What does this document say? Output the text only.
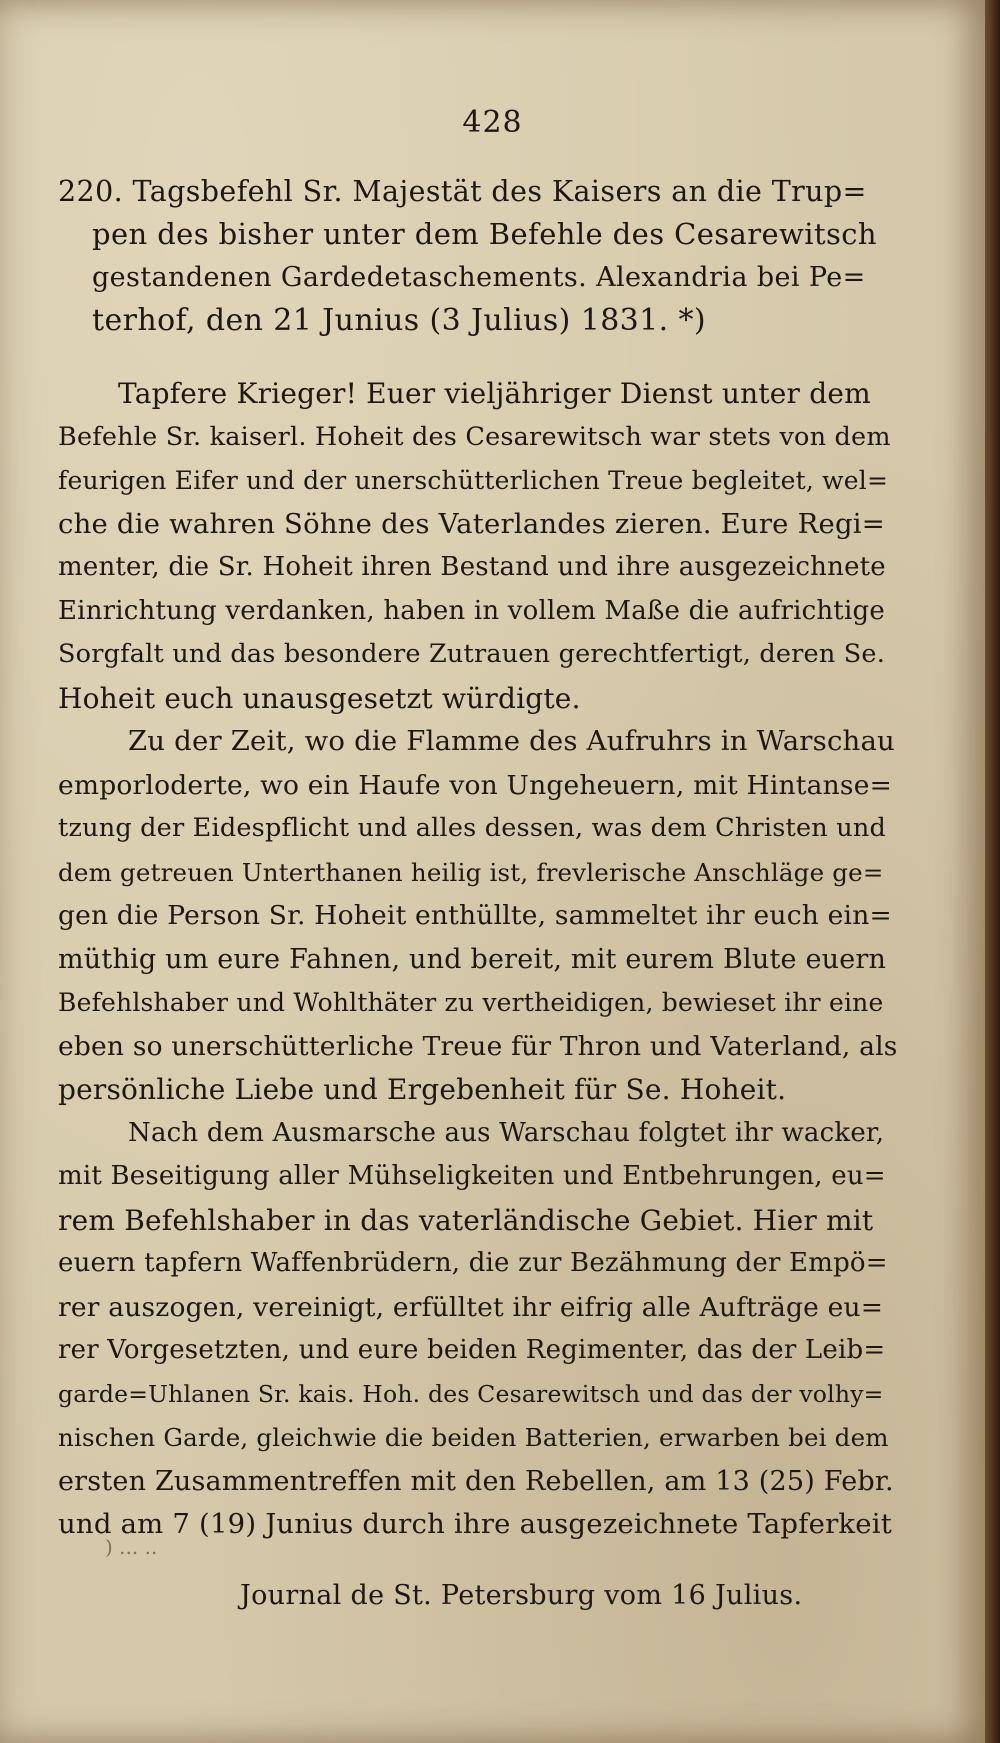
428
220. Tagsbefehl Sr. Majestät des Kaisers an die Trup=
pen des bisher unter dem Befehle des Cesarewitsch
gestandenen Gardedetaschements. Alexandria bei Pe=
terhof, den 21 Junius (3 Julius) 1831. *)
Tapfere Krieger! Euer vieljähriger Dienst unter dem
Befehle Sr. kaiserl. Hoheit des Cesarewitsch war stets von dem
feurigen Eifer und der unerschütterlichen Treue begleitet, wel=
che die wahren Söhne des Vaterlandes zieren. Eure Regi=
menter, die Sr. Hoheit ihren Bestand und ihre ausgezeichnete
Einrichtung verdanken, haben in vollem Maße die aufrichtige
Sorgfalt und das besondere Zutrauen gerechtfertigt, deren Se.
Hoheit euch unausgesetzt würdigte.
Zu der Zeit, wo die Flamme des Aufruhrs in Warschau
emporloderte, wo ein Haufe von Ungeheuern, mit Hintanse=
tzung der Eidespflicht und alles dessen, was dem Christen und
dem getreuen Unterthanen heilig ist, frevlerische Anschläge ge=
gen die Person Sr. Hoheit enthüllte, sammeltet ihr euch ein=
müthig um eure Fahnen, und bereit, mit eurem Blute euern
Befehlshaber und Wohlthäter zu vertheidigen, bewieset ihr eine
eben so unerschütterliche Treue für Thron und Vaterland, als
persönliche Liebe und Ergebenheit für Se. Hoheit.
Nach dem Ausmarsche aus Warschau folgtet ihr wacker,
mit Beseitigung aller Mühseligkeiten und Entbehrungen, eu=
rem Befehlshaber in das vaterländische Gebiet. Hier mit
euern tapfern Waffenbrüdern, die zur Bezähmung der Empö=
rer auszogen, vereinigt, erfülltet ihr eifrig alle Aufträge eu=
rer Vorgesetzten, und eure beiden Regimenter, das der Leib=
garde=Uhlanen Sr. kais. Hoh. des Cesarewitsch und das der volhy=
nischen Garde, gleichwie die beiden Batterien, erwarben bei dem
ersten Zusammentreffen mit den Rebellen, am 13 (25) Febr.
und am 7 (19) Junius durch ihre ausgezeichnete Tapferkeit
) ... ..
Journal de St. Petersburg vom 16 Julius.
